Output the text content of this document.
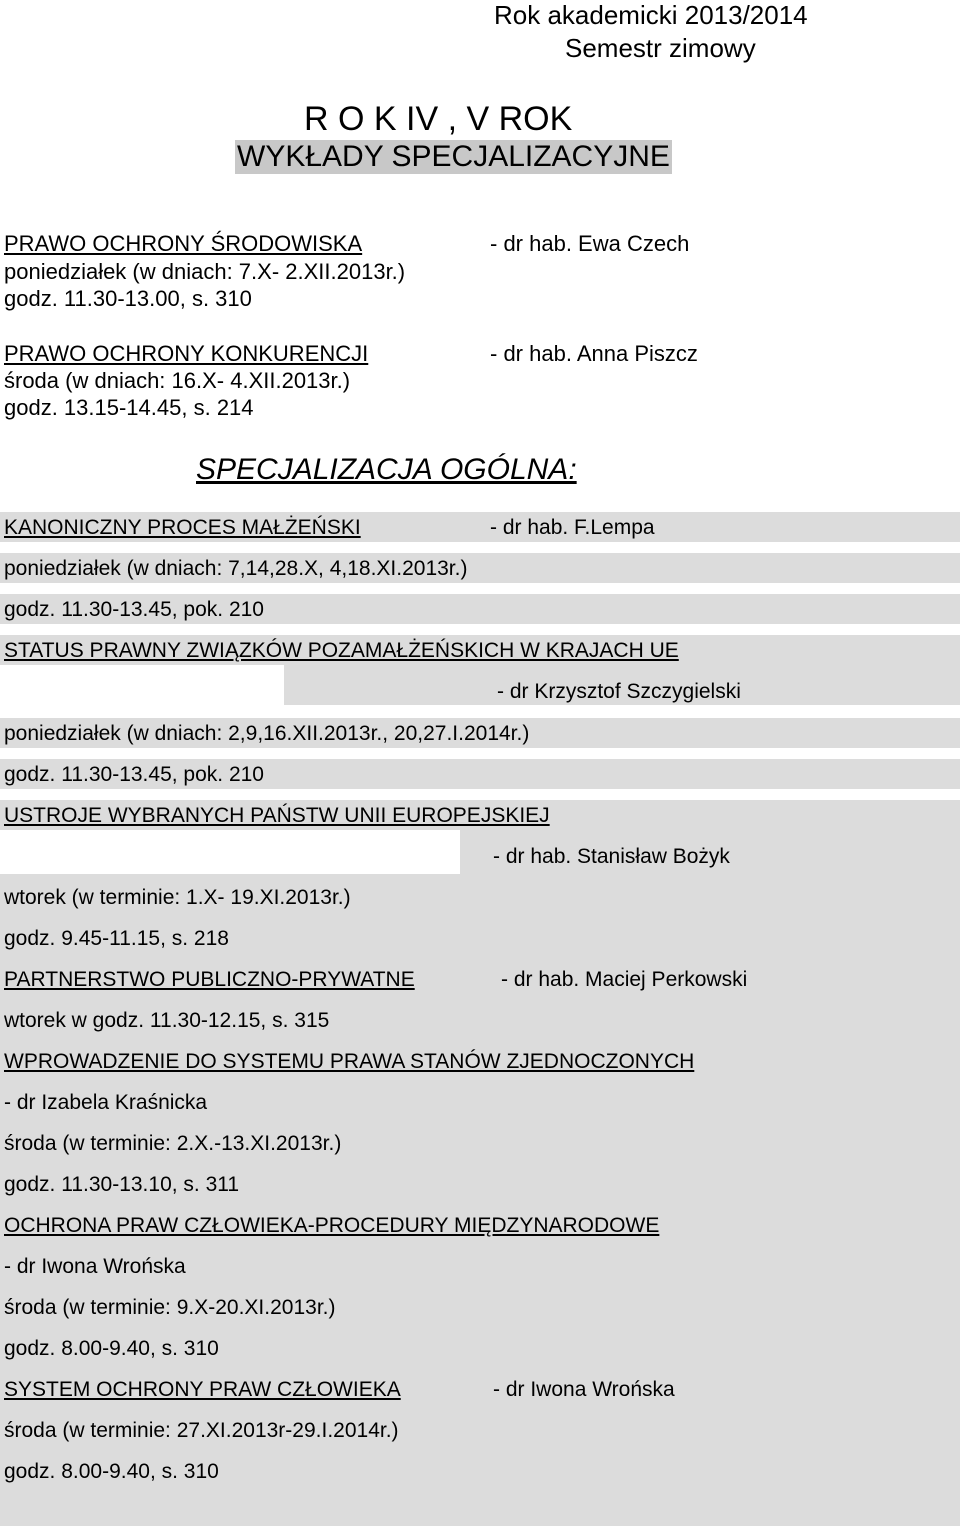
Rok akademicki 2013/2014
Semestr zimowy
R O K IV , V ROK
WYKŁADY SPECJALIZACYJNE
PRAWO OCHRONY ŚRODOWISKA
poniedziałek (w dniach: 7.X- 2.XII.2013r.)
godz. 11.30-13.00, s. 310
- dr hab. Ewa Czech
PRAWO OCHRONY KONKURENCJI
środa (w dniach: 16.X- 4.XII.2013r.)
godz. 13.15-14.45, s. 214
- dr hab. Anna Piszcz
SPECJALIZACJA OGÓLNA:
KANONICZNY PROCES MAŁŻEŃSKI	- dr hab. F.Lempa
poniedziałek (w dniach: 7,14,28.X, 4,18.XI.2013r.)
godz. 11.30-13.45, pok. 210
STATUS PRAWNY ZWIĄZKÓW POZAMAŁŻEŃSKICH W KRAJACH UE
- dr Krzysztof Szczygielski
poniedziałek (w dniach: 2,9,16.XII.2013r., 20,27.I.2014r.)
godz. 11.30-13.45, pok. 210
USTROJE WYBRANYCH PAŃSTW UNII EUROPEJSKIEJ
- dr hab. Stanisław Bożyk
wtorek (w terminie: 1.X- 19.XI.2013r.)
godz. 9.45-11.15, s. 218
PARTNERSTWO PUBLICZNO-PRYWATNE	- dr hab. Maciej Perkowski
wtorek w godz. 11.30-12.15, s. 315
WPROWADZENIE DO SYSTEMU PRAWA STANÓW ZJEDNOCZONYCH
- dr Izabela Kraśnicka
środa (w terminie: 2.X.-13.XI.2013r.)
godz. 11.30-13.10, s. 311
OCHRONA PRAW CZŁOWIEKA-PROCEDURY MIĘDZYNARODOWE
- dr Iwona Wrońska
środa (w terminie: 9.X-20.XI.2013r.)
godz. 8.00-9.40, s. 310
SYSTEM OCHRONY PRAW CZŁOWIEKA	- dr Iwona Wrońska
środa (w terminie: 27.XI.2013r-29.I.2014r.)
godz. 8.00-9.40, s. 310
